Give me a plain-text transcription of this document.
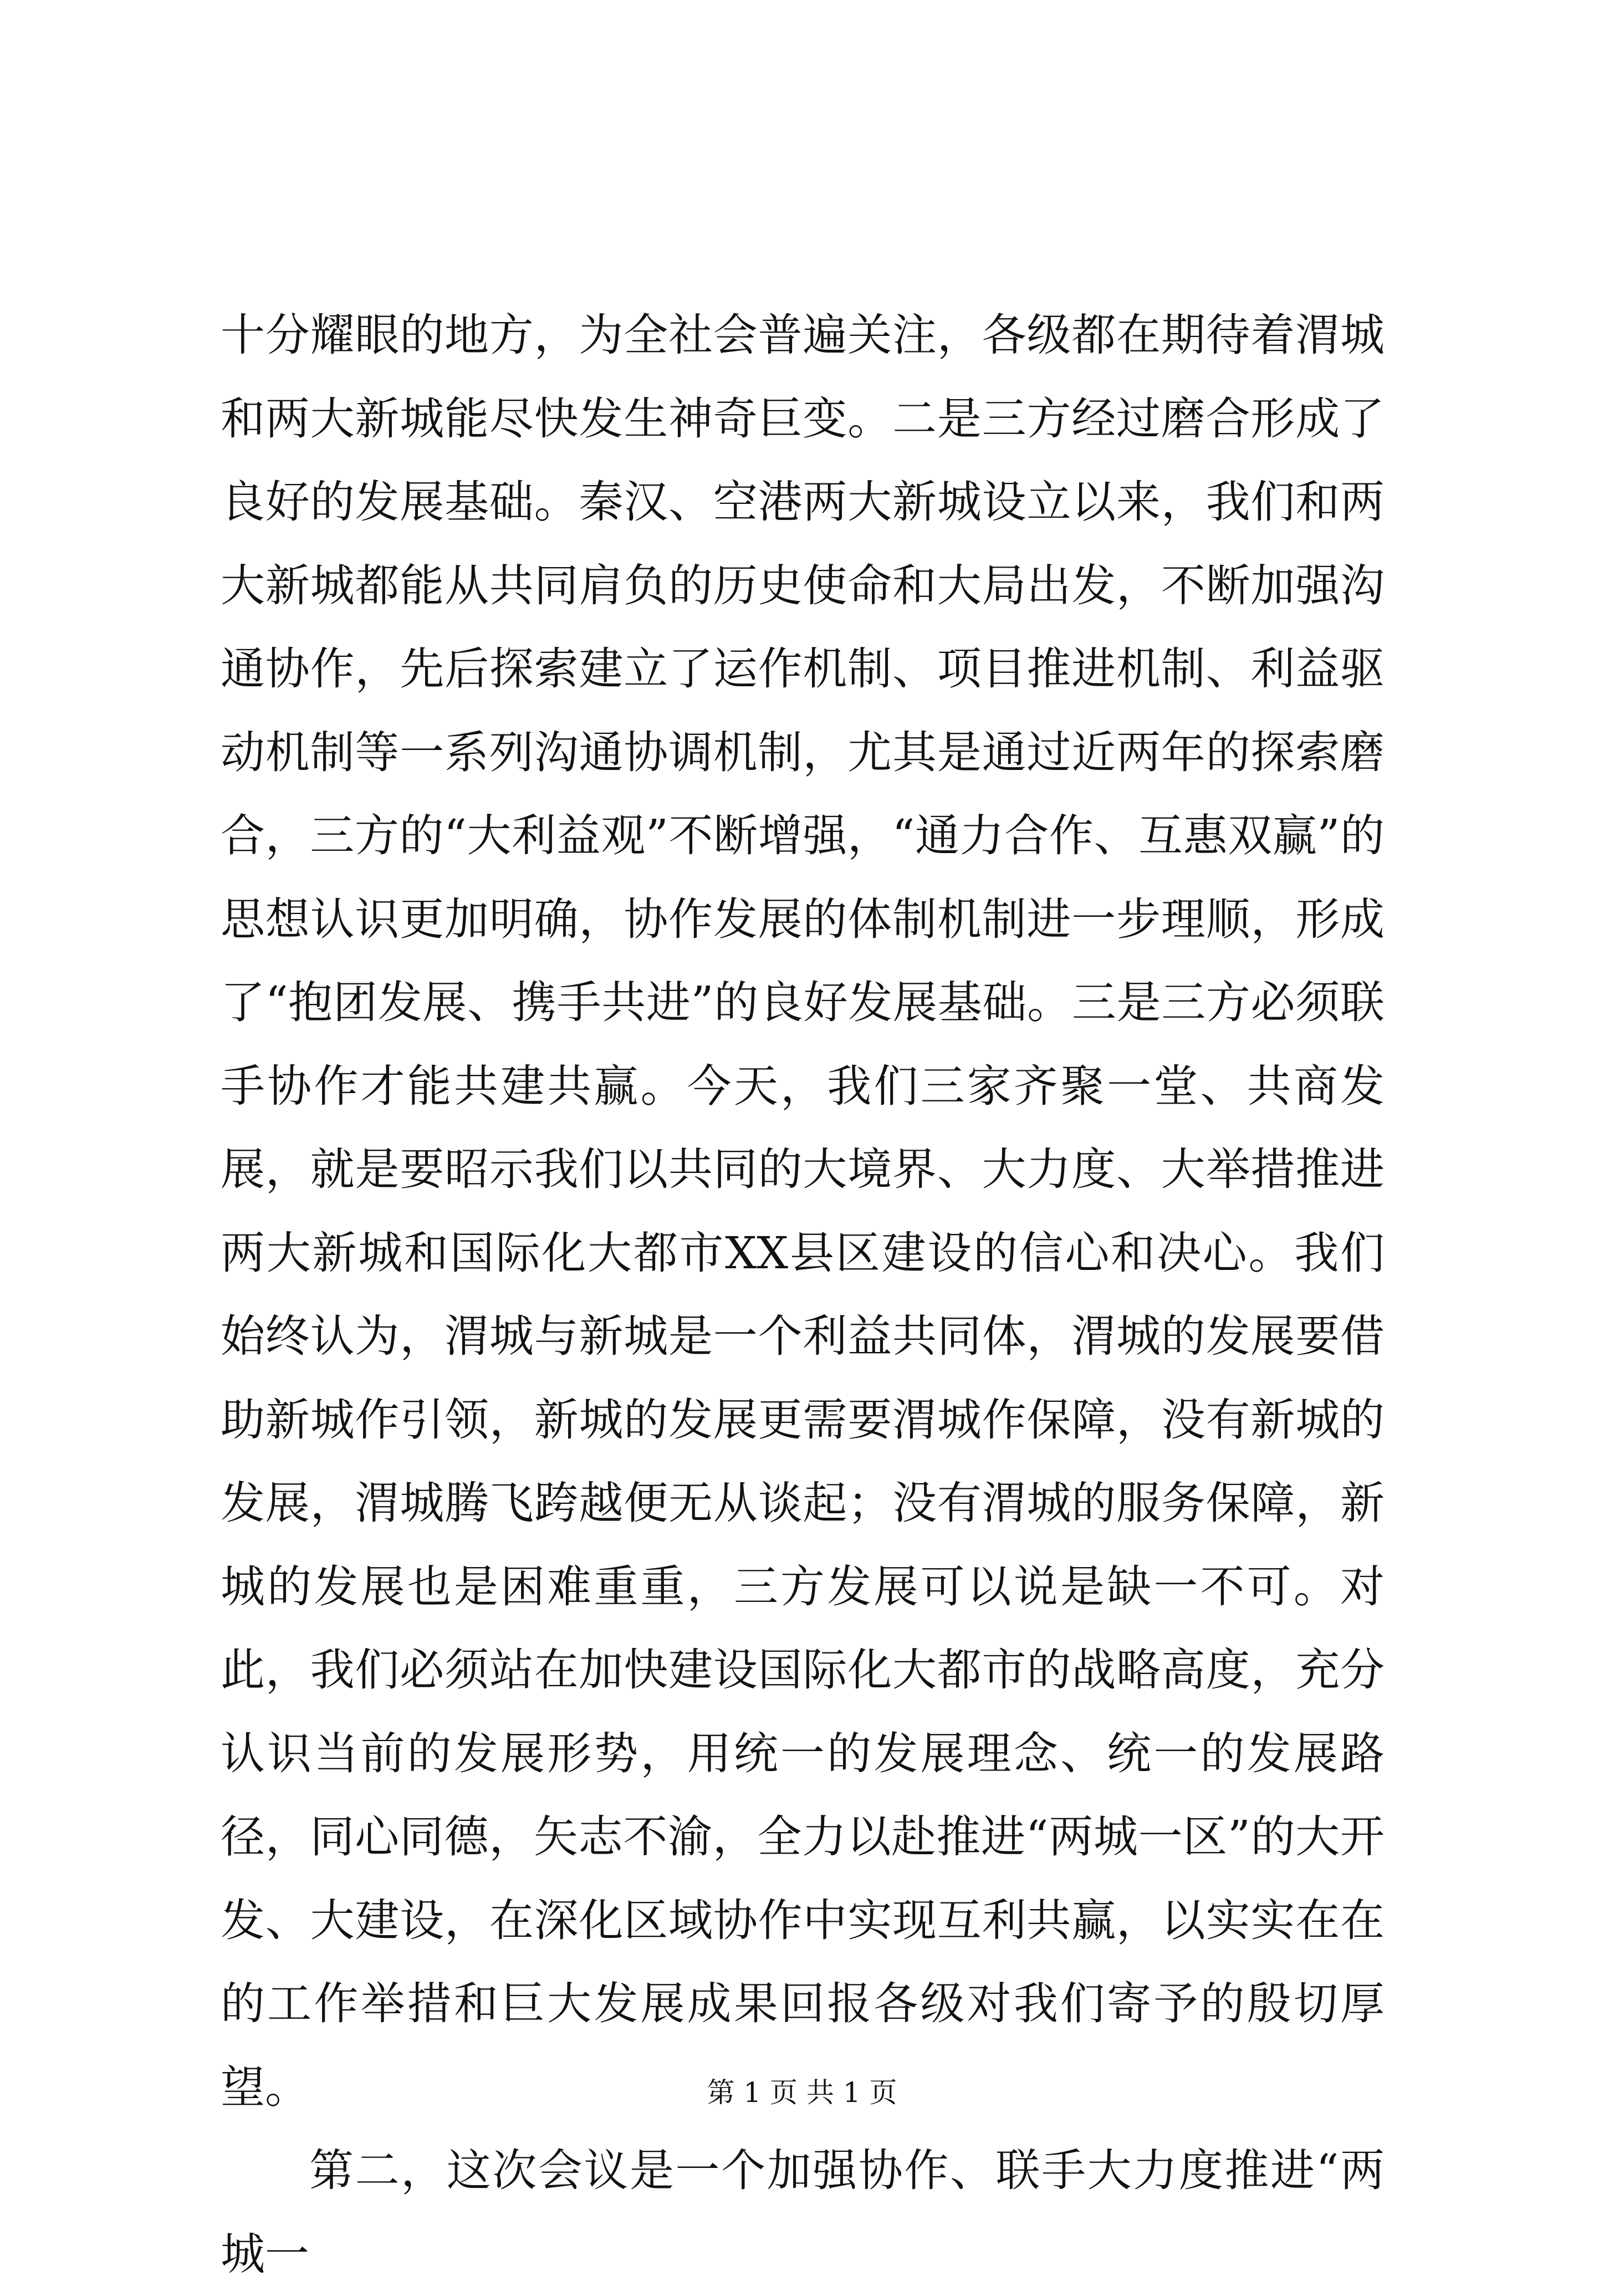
十分耀眼的地方，为全社会普遍关注，各级都在期待着渭城和两大新城能尽快发生神奇巨变。二是三方经过磨合形成了良好的发展基础。秦汉、空港两大新城设立以来，我们和两大新城都能从共同肩负的历史使命和大局出发，不断加强沟通协作，先后探索建立了运作机制、项目推进机制、利益驱动机制等一系列沟通协调机制，尤其是通过近两年的探索磨合，三方的“大利益观”不断增强，“通力合作、互惠双赢”的思想认识更加明确，协作发展的体制机制进一步理顺，形成了“抱团发展、携手共进”的良好发展基础。三是三方必须联手协作才能共建共赢。今天，我们三家齐聚一堂、共商发展，就是要昭示我们以共同的大境界、大力度、大举措推进两大新城和国际化大都市XX县区建设的信心和决心。我们始终认为，渭城与新城是一个利益共同体，渭城的发展要借助新城作引领，新城的发展更需要渭城作保障，没有新城的发展，渭城腾飞跨越便无从谈起；没有渭城的服务保障，新城的发展也是困难重重，三方发展可以说是缺一不可。对此，我们必须站在加快建设国际化大都市的战略高度，充分认识当前的发展形势，用统一的发展理念、统一的发展路径，同心同德，矢志不渝，全力以赴推进“两城一区”的大开发、大建设，在深化区域协作中实现互利共赢，以实实在在的工作举措和巨大发展成果回报各级对我们寄予的殷切厚望。

第二，这次会议是一个加强协作、联手大力度推进“两城一

第 1 页 共 1 页
